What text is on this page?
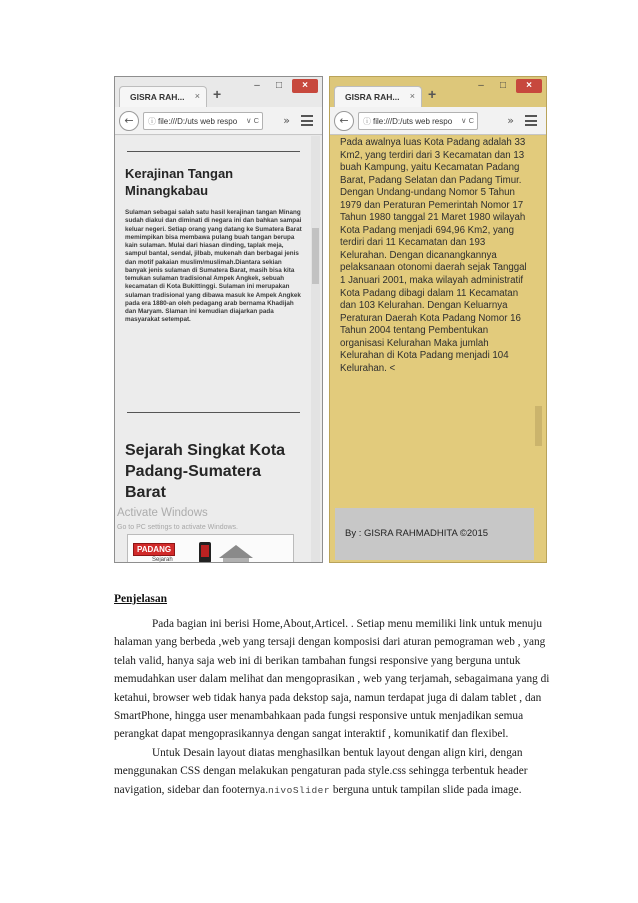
GISRA RAH... × +
–	□	×
←	ⓘ file:///D:/uts web respo ∨ C »
Kerajinan Tangan Minangkabau
Sulaman sebagai salah satu hasil kerajinan tangan Minang sudah diakui dan diminati di negara ini dan bahkan sampai keluar negeri. Setiap orang yang datang ke Sumatera Barat memimpikan bisa membawa pulang buah tangan berupa kain sulaman. Mulai dari hiasan dinding, taplak meja, sampul bantal, sendal, jilbab, mukenah dan berbagai jenis dan motif pakaian muslim/muslimah.Diantara sekian banyak jenis sulaman di Sumatera Barat, masih bisa kita temukan sulaman tradisional Ampek Angkek, sebuah kecamatan di Kota Bukittinggi. Sulaman ini merupakan sulaman tradisional yang dibawa masuk ke Ampek Angkek pada era 1880-an oleh pedagang arab bernama Khadijah dan Maryam. Slaman ini kemudian diajarkan pada masyarakat setempat.
Sejarah Singkat Kota Padang-Sumatera Barat
PADANG
Sejarah
Activate Windows
Go to PC settings to activate Windows.
GISRA RAH... × +
–	□	×
←	ⓘ file:///D:/uts web respo ∨ C	»
Pada awalnya luas Kota Padang adalah 33 Km2, yang terdiri dari 3 Kecamatan dan 13 buah Kampung, yaitu Kecamatan Padang Barat, Padang Selatan dan Padang Timur. Dengan Undang-undang Nomor 5 Tahun 1979 dan Peraturan Pemerintah Nomor 17 Tahun 1980 tanggal 21 Maret 1980 wilayah Kota Padang menjadi 694,96 Km2, yang terdiri dari 11 Kecamatan dan 193 Kelurahan. Dengan dicanangkannya pelaksanaan otonomi daerah sejak Tanggal 1 Januari 2001, maka wilayah administratif Kota Padang dibagi dalam 11 Kecamatan dan 103 Kelurahan. Dengan Keluarnya Peraturan Daerah Kota Padang Nomor 16 Tahun 2004 tentang Pembentukan organisasi Kelurahan Maka jumlah Kelurahan di Kota Padang menjadi 104 Kelurahan. <
By : GISRA RAHMADHITA ©2015
Penjelasan

Pada bagian ini berisi Home,About,Articel. . Setiap menu memiliki link untuk menuju halaman yang berbeda ,web yang tersaji dengan komposisi dari aturan pemograman web , yang telah valid, hanya saja web ini di berikan tambahan fungsi responsive yang berguna untuk memudahkan user dalam melihat dan mengoprasikan , web yang terjamah, sebagaimana yang di ketahui, browser web tidak hanya pada dekstop saja, namun terdapat juga di dalam tablet , dan SmartPhone, hingga user menambahkaan pada fungsi responsive untuk menjadikan semua perangkat dapat mengoprasikannya dengan sangat interaktif , komunikatif dan flexibel.

Untuk Desain layout diatas menghasilkan bentuk layout dengan align kiri, dengan menggunakan CSS dengan melakukan pengaturan pada style.css sehingga terbentuk header navigation, sidebar dan footernya.nivoSlider berguna untuk tampilan slide pada image.
